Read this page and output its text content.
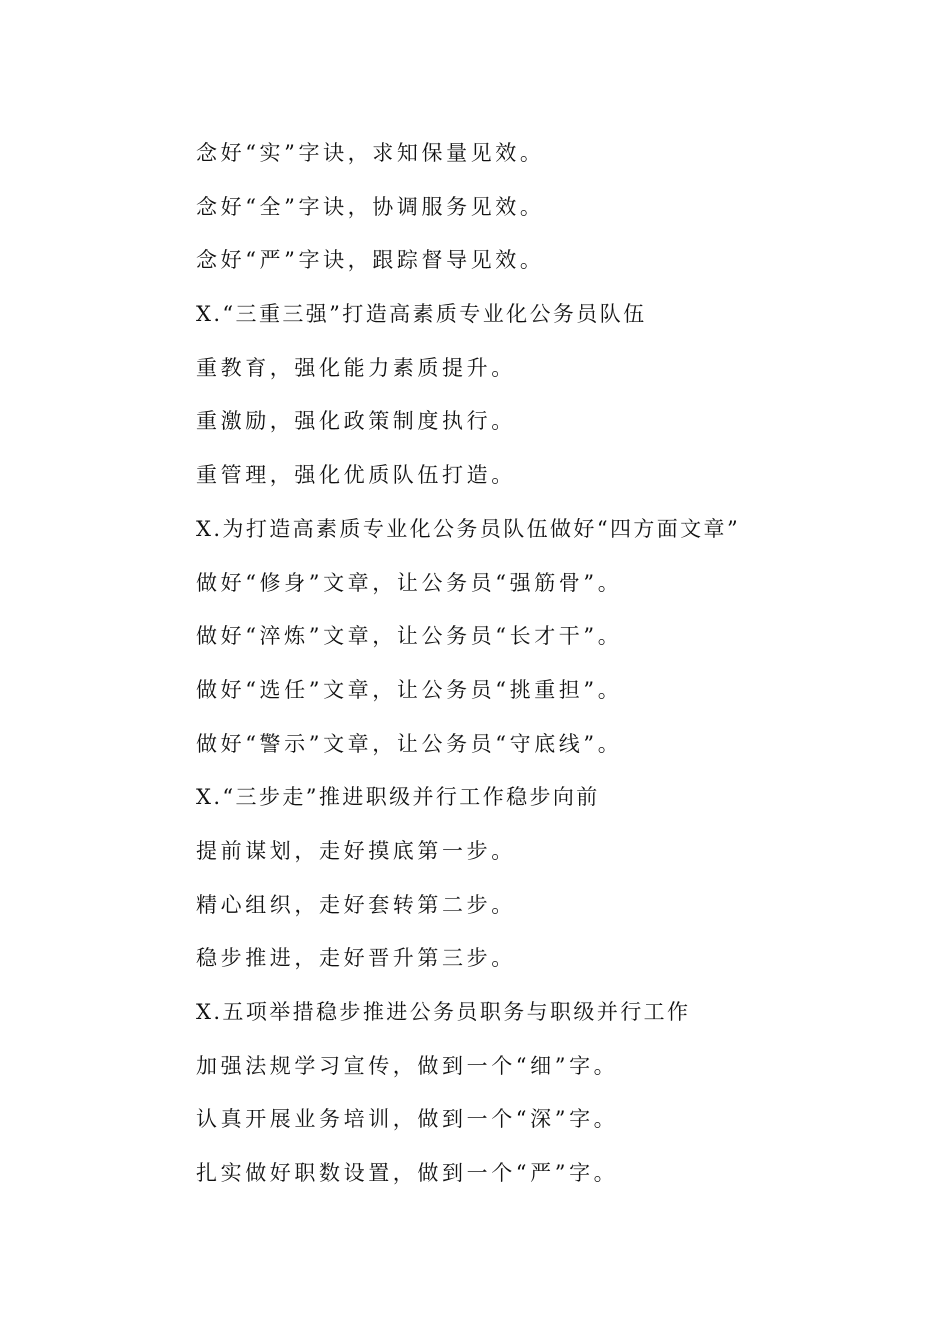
念好“实”字诀，求知保量见效。
念好“全”字诀，协调服务见效。
念好“严”字诀，跟踪督导见效。
X.“三重三强”打造高素质专业化公务员队伍
重教育，强化能力素质提升。
重激励，强化政策制度执行。
重管理，强化优质队伍打造。
X.为打造高素质专业化公务员队伍做好“四方面文章”
做好“修身”文章，让公务员“强筋骨”。
做好“淬炼”文章，让公务员“长才干”。
做好“选任”文章，让公务员“挑重担”。
做好“警示”文章，让公务员“守底线”。
X.“三步走”推进职级并行工作稳步向前
提前谋划，走好摸底第一步。
精心组织，走好套转第二步。
稳步推进，走好晋升第三步。
X.五项举措稳步推进公务员职务与职级并行工作
加强法规学习宣传，做到一个“细”字。
认真开展业务培训，做到一个“深”字。
扎实做好职数设置，做到一个“严”字。
